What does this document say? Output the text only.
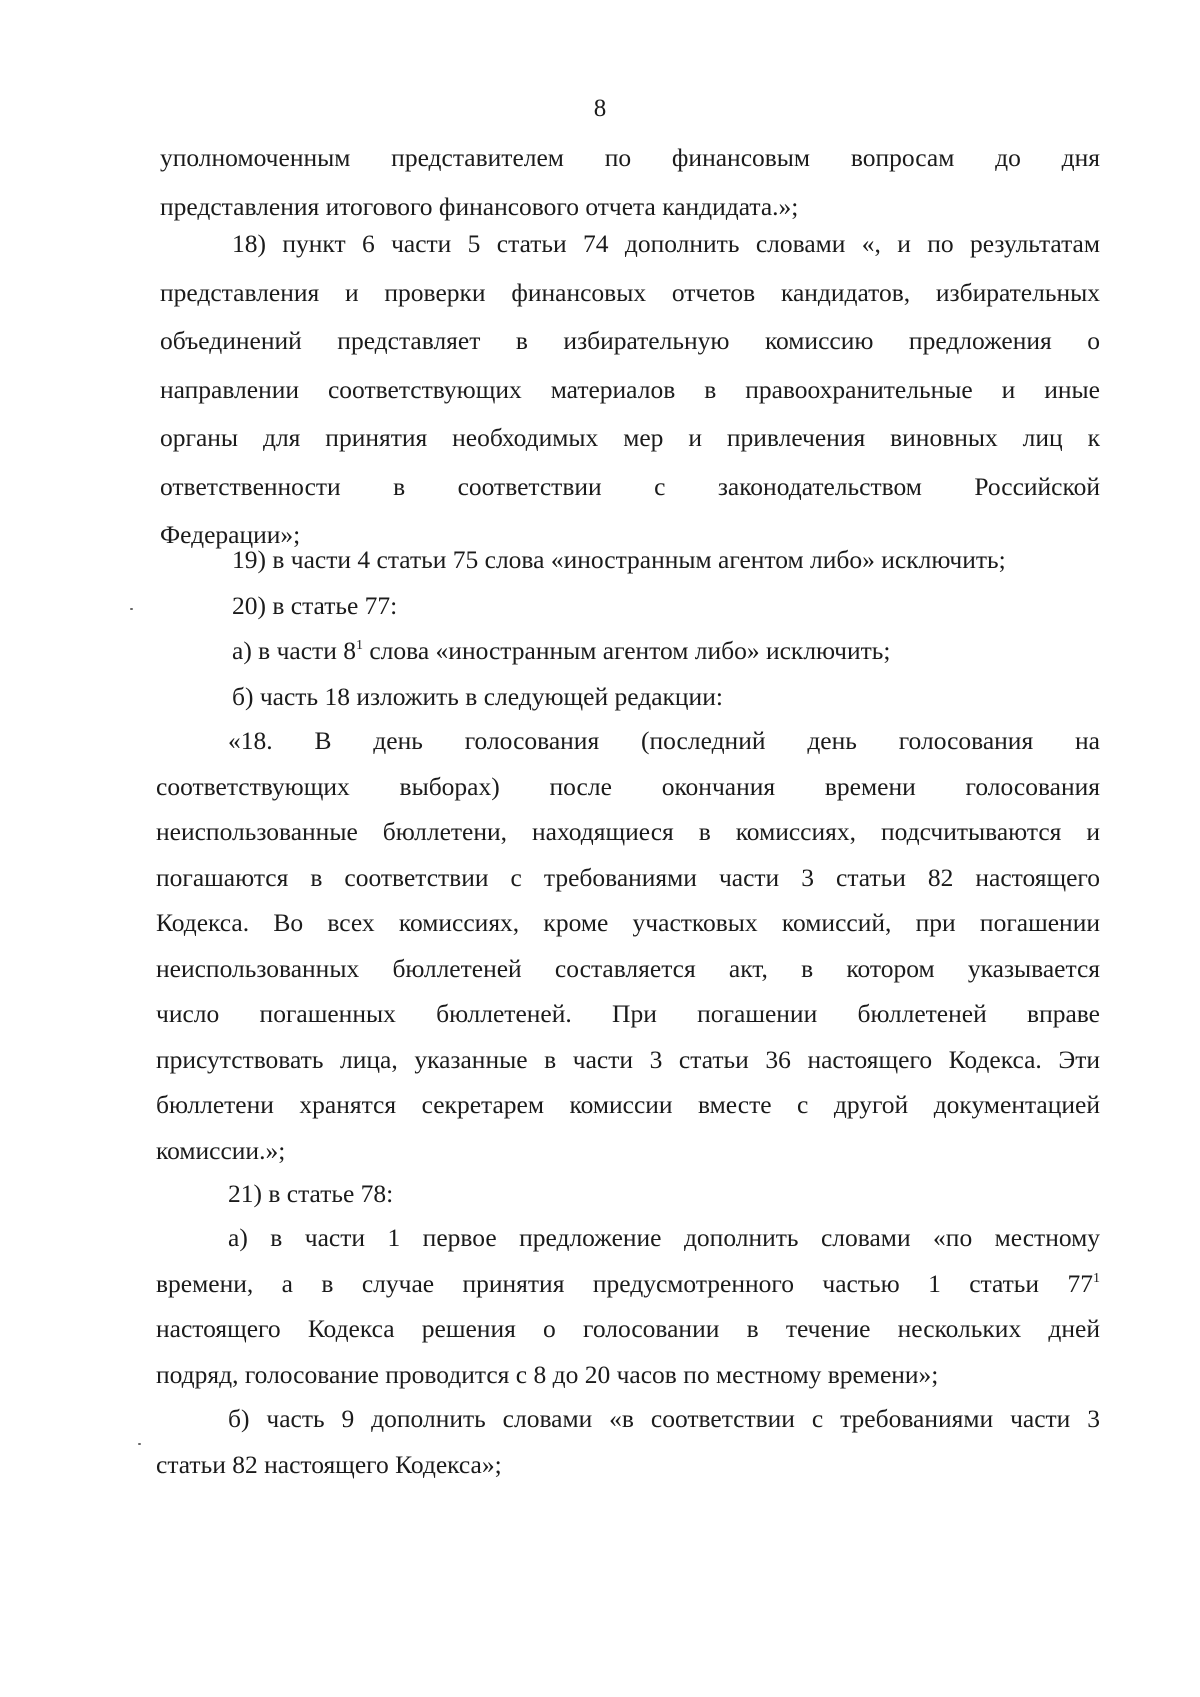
8
уполномоченным представителем по финансовым вопросам до дня
представления итогового финансового отчета кандидата.»;
18) пункт 6 части 5 статьи 74 дополнить словами «, и по результатам
представления и проверки финансовых отчетов кандидатов, избирательных
объединений представляет в избирательную комиссию предложения о
направлении соответствующих материалов в правоохранительные и иные
органы для принятия необходимых мер и привлечения виновных лиц к
ответственности в соответствии с законодательством Российской
Федерации»;
19) в части 4 статьи 75 слова «иностранным агентом либо» исключить;
20) в статье 77:
а) в части $8^1$ слова «иностранным агентом либо» исключить;
б) часть 18 изложить в следующей редакции:
«18. В день голосования (последний день голосования на
соответствующих выборах) после окончания времени голосования
неиспользованные бюллетени, находящиеся в комиссиях, подсчитываются и
погашаются в соответствии с требованиями части 3 статьи 82 настоящего
Кодекса. Во всех комиссиях, кроме участковых комиссий, при погашении
неиспользованных бюллетеней составляется акт, в котором указывается
число погашенных бюллетеней. При погашении бюллетеней вправе
присутствовать лица, указанные в части 3 статьи 36 настоящего Кодекса. Эти
бюллетени хранятся секретарем комиссии вместе с другой документацией
комиссии.»;
21) в статье 78:
а) в части 1 первое предложение дополнить словами «по местному
времени, а в случае принятия предусмотренного частью 1 статьи $77^1$
настоящего Кодекса решения о голосовании в течение нескольких дней
подряд, голосование проводится с 8 до 20 часов по местному времени»;
б) часть 9 дополнить словами «в соответствии с требованиями части 3
статьи 82 настоящего Кодекса»;
